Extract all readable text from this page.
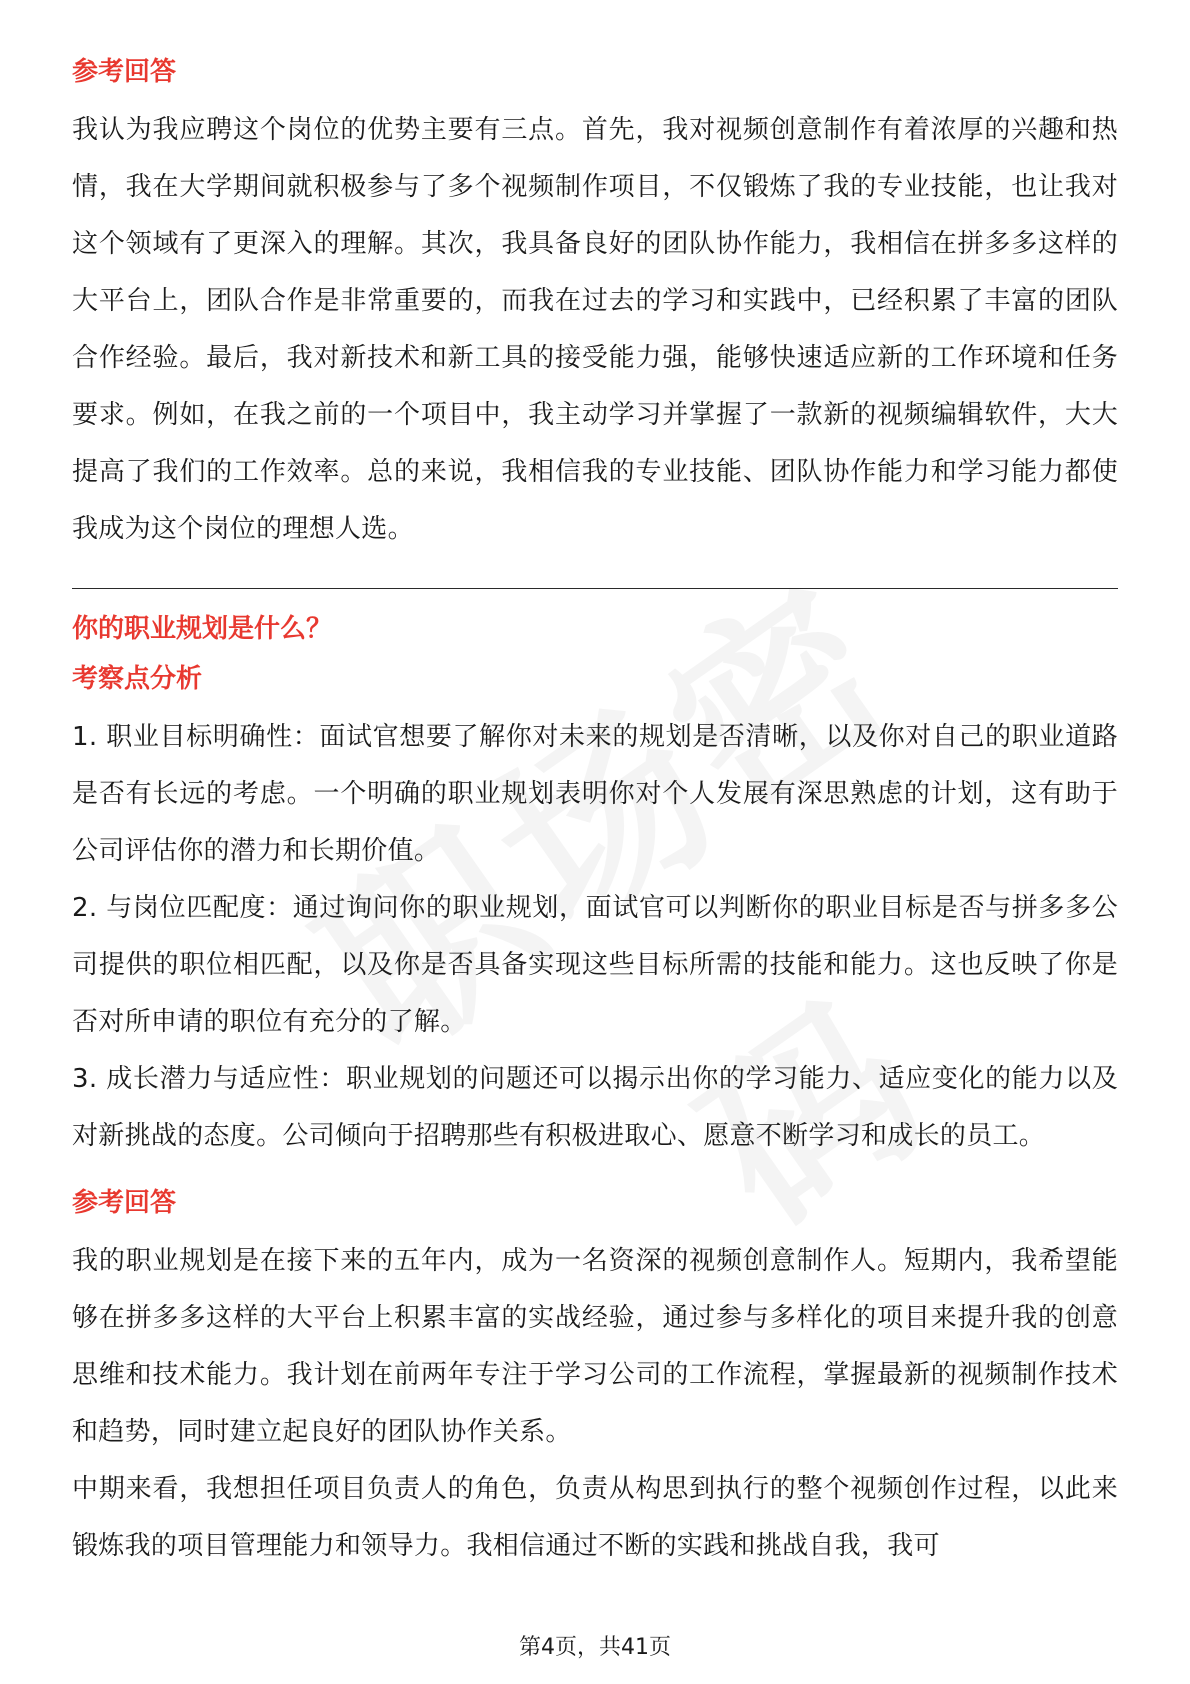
参考回答

我认为我应聘这个岗位的优势主要有三点。首先，我对视频创意制作有着浓厚的兴趣和热情，我在大学期间就积极参与了多个视频制作项目，不仅锻炼了我的专业技能，也让我对这个领域有了更深入的理解。其次，我具备良好的团队协作能力，我相信在拼多多这样的大平台上，团队合作是非常重要的，而我在过去的学习和实践中，已经积累了丰富的团队合作经验。最后，我对新技术和新工具的接受能力强，能够快速适应新的工作环境和任务要求。例如，在我之前的一个项目中，我主动学习并掌握了一款新的视频编辑软件，大大提高了我们的工作效率。总的来说，我相信我的专业技能、团队协作能力和学习能力都使我成为这个岗位的理想人选。

你的职业规划是什么？
考察点分析

1. 职业目标明确性：面试官想要了解你对未来的规划是否清晰，以及你对自己的职业道路是否有长远的考虑。一个明确的职业规划表明你对个人发展有深思熟虑的计划，这有助于公司评估你的潜力和长期价值。

2. 与岗位匹配度：通过询问你的职业规划，面试官可以判断你的职业目标是否与拼多多公司提供的职位相匹配，以及你是否具备实现这些目标所需的技能和能力。这也反映了你是否对所申请的职位有充分的了解。

3. 成长潜力与适应性：职业规划的问题还可以揭示出你的学习能力、适应变化的能力以及对新挑战的态度。公司倾向于招聘那些有积极进取心、愿意不断学习和成长的员工。

参考回答

我的职业规划是在接下来的五年内，成为一名资深的视频创意制作人。短期内，我希望能够在拼多多这样的大平台上积累丰富的实战经验，通过参与多样化的项目来提升我的创意思维和技术能力。我计划在前两年专注于学习公司的工作流程，掌握最新的视频制作技术和趋势，同时建立起良好的团队协作关系。

中期来看，我想担任项目负责人的角色，负责从构思到执行的整个视频创作过程，以此来锻炼我的项目管理能力和领导力。我相信通过不断的实践和挑战自我，我可

第4页，共41页
